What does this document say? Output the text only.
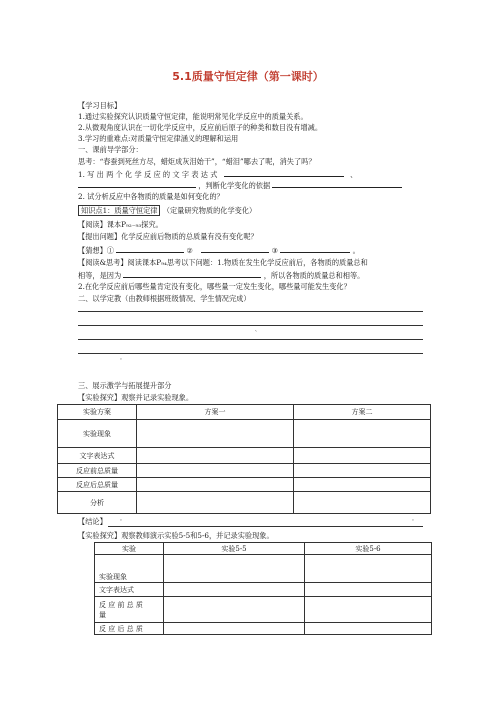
5.1质量守恒定律（第一课时）
【学习目标】
1.通过实验探究认识质量守恒定律，能说明常见化学反应中的质量关系。
2.从微观角度认识在一切化学反应中，反应前后原子的种类和数目没有增减。
3.学习的重难点:对质量守恒定律涵义的理解和运用
一、课前导学部分：
思考：“春蚕到死丝方尽，蜡炬成灰泪始干”，“蜡泪”哪去了呢，消失了吗？
1. 写 出 两 个 化 学 反 应 的 文 字 表 达 式	、
，判断化学变化的依据
2. 试分析反应中各物质的质量是如何变化的？
知识点1：质量守恒定律 （定量研究物质的化学变化）
【阅读】课本P₉₂₋₉₃探究。
【提出问题】化学反应前后物质的总质量有没有变化呢？
【猜想】①	②	③	。
【阅读&思考】阅读课本P₉₄思考以下问题：1.物质在发生化学反应前后，各物质的质量总和
相等，是因为	，所以各物质的质量总和相等。
2.在化学反应前后哪些量肯定没有变化，哪些量一定发生变化，哪些量可能发生变化？
二、以学定教（由教师根据班级情况、学生情况完成）
、
。
三、展示激学与拓展提升部分
【实验探究】观察并记录实验现象。
实验方案	方案一	方案二
实验现象		
文字表达式		
反应前总质量		
反应后总质量		
分析		
【结论】	。	。
【实验探究】观察教师演示实验5-5和5-6，并记录实验现象。
实验	实验5-5	实验5-6
实验现象		
文字表达式		
反 应 前 总 质
量		
反 应 后 总 质		
